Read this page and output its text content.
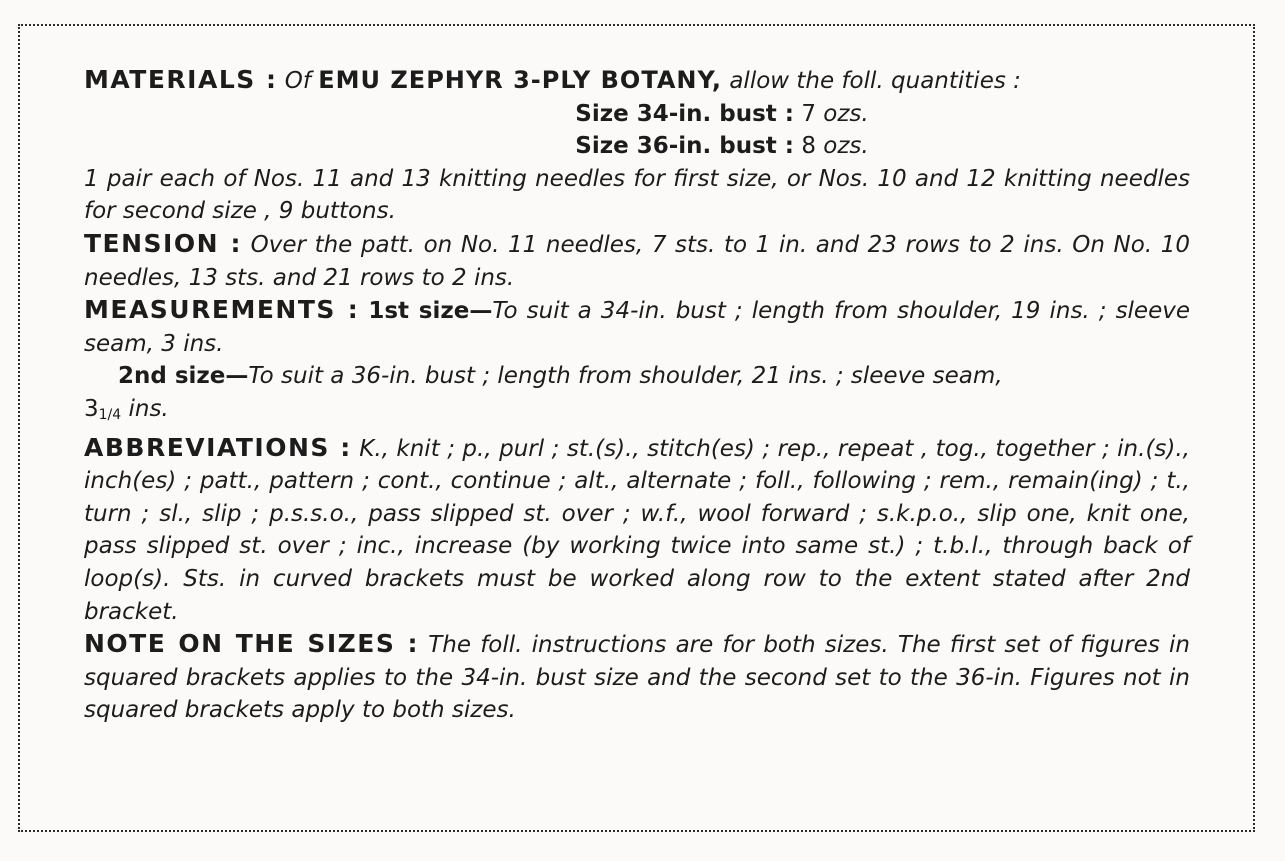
MATERIALS : Of EMU ZEPHYR 3-PLY BOTANY, allow the foll. quantities :

Size 34-in. bust : 7 ozs.

Size 36-in. bust : 8 ozs.

1 pair each of Nos. 11 and 13 knitting needles for first size, or Nos. 10 and 12 knitting needles for second size , 9 buttons.

TENSION : Over the patt. on No. 11 needles, 7 sts. to 1 in. and 23 rows to 2 ins. On No. 10 needles, 13 sts. and 21 rows to 2 ins.

MEASUREMENTS : 1st size—To suit a 34-in. bust ; length from shoulder, 19 ins. ; sleeve seam, 3 ins.

2nd size—To suit a 36-in. bust ; length from shoulder, 21 ins. ; sleeve seam,

31/4 ins.

ABBREVIATIONS : K., knit ; p., purl ; st.(s)., stitch(es) ; rep., repeat , tog., together ; in.(s)., inch(es) ; patt., pattern ; cont., continue ; alt., alternate ; foll., following ; rem., remain(ing) ; t., turn ; sl., slip ; p.s.s.o., pass slipped st. over ; w.f., wool forward ; s.k.p.o., slip one, knit one, pass slipped st. over ; inc., increase (by working twice into same st.) ; t.b.l., through back of loop(s). Sts. in curved brackets must be worked along row to the extent stated after 2nd bracket.

NOTE ON THE SIZES : The foll. instructions are for both sizes. The first set of figures in squared brackets applies to the 34-in. bust size and the second set to the 36-in. Figures not in squared brackets apply to both sizes.
